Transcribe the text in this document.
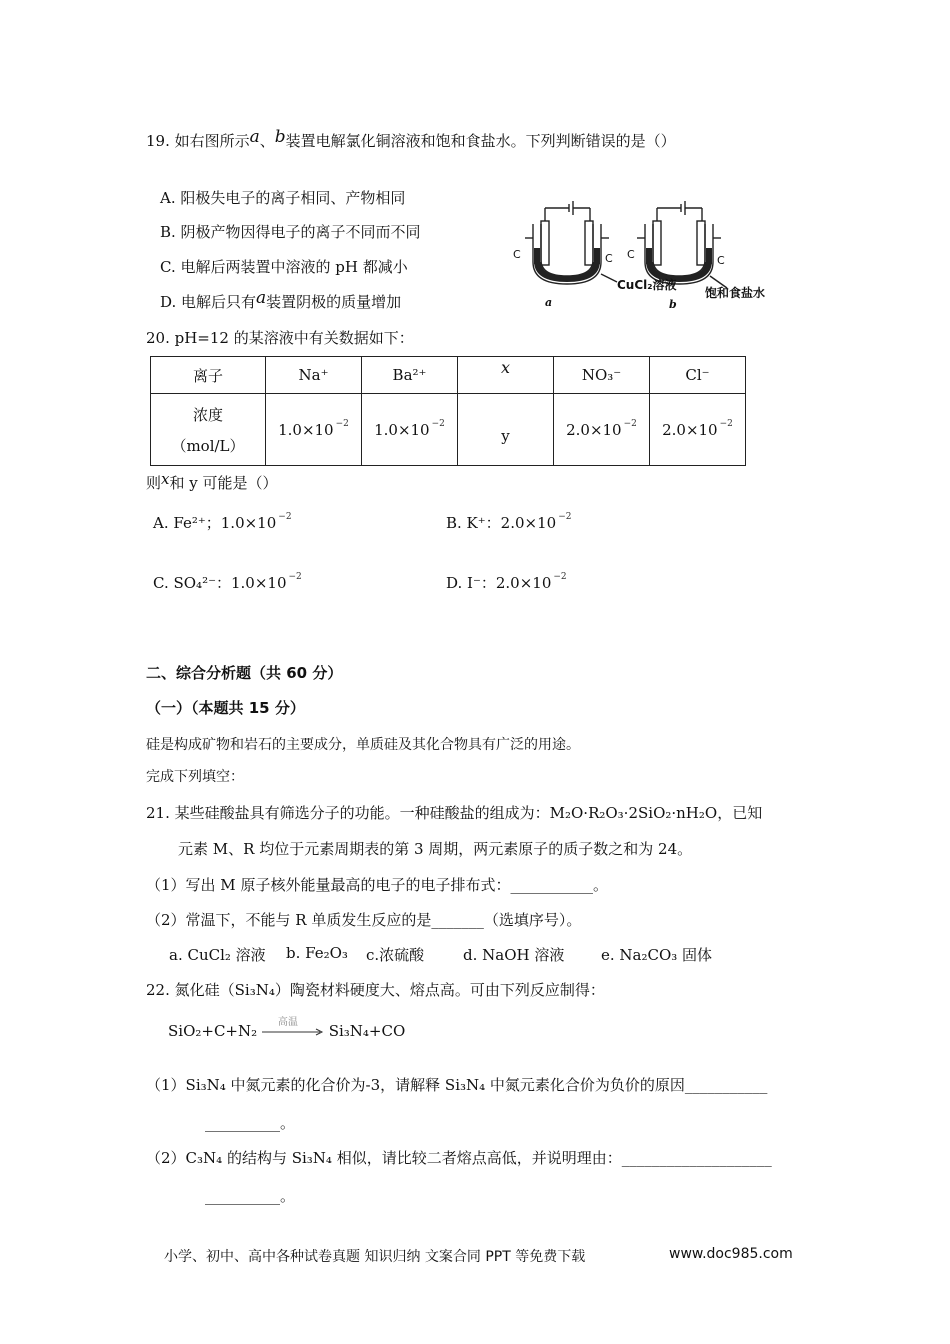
19. 如右图所示a、b装置电解氯化铜溶液和饱和食盐水。下列判断错误的是（）
A. 阳极失电子的离子相同、产物相同
B. 阴极产物因得电子的离子不同而不同
C. 电解后两装置中溶液的 pH 都减小
D. 电解后只有a装置阴极的质量增加
C	C
CuCl₂溶液
a
C	C
饱和食盐水
b
20. pH=12 的某溶液中有关数据如下：
离子	Na⁺	Ba²⁺	x	NO₃⁻	Cl⁻

浓度
（mol/L）	1.0×10 $^{-2}$	1.0×10 $^{-2}$	y	2.0×10 $^{-2}$	2.0×10 $^{-2}$
则x和 y 可能是（）
A. Fe²⁺；1.0×10 $^{-2}$	B. K⁺：2.0×10 $^{-2}$
C. SO₄²⁻：1.0×10 $^{-2}$	D. I⁻：2.0×10 $^{-2}$
二、综合分析题（共 60 分）
（一）（本题共 15 分）
硅是构成矿物和岩石的主要成分，单质硅及其化合物具有广泛的用途。
完成下列填空：
21. 某些硅酸盐具有筛选分子的功能。一种硅酸盐的组成为：M₂O·R₂O₃·2SiO₂·nH₂O，已知
元素 M、R 均位于元素周期表的第 3 周期，两元素原子的质子数之和为 24。
（1）写出 M 原子核外能量最高的电子的电子排布式：___________。
（2）常温下，不能与 R 单质发生反应的是_______（选填序号）。
a. CuCl₂ 溶液 b. Fe₂O₃ c.浓硫酸	d. NaOH 溶液 e. Na₂CO₃ 固体
22. 氮化硅（Si₃N₄）陶瓷材料硬度大、熔点高。可由下列反应制得：
SiO₂+C+N₂ 高温 Si₃N₄+CO
（1）Si₃N₄ 中氮元素的化合价为-3，请解释 Si₃N₄ 中氮元素化合价为负价的原因___________
__________。
（2）C₃N₄ 的结构与 Si₃N₄ 相似，请比较二者熔点高低，并说明理由：____________________
__________。
小学、初中、高中各种试卷真题 知识归纳 文案合同 PPT 等免费下载	www.doc985.com
